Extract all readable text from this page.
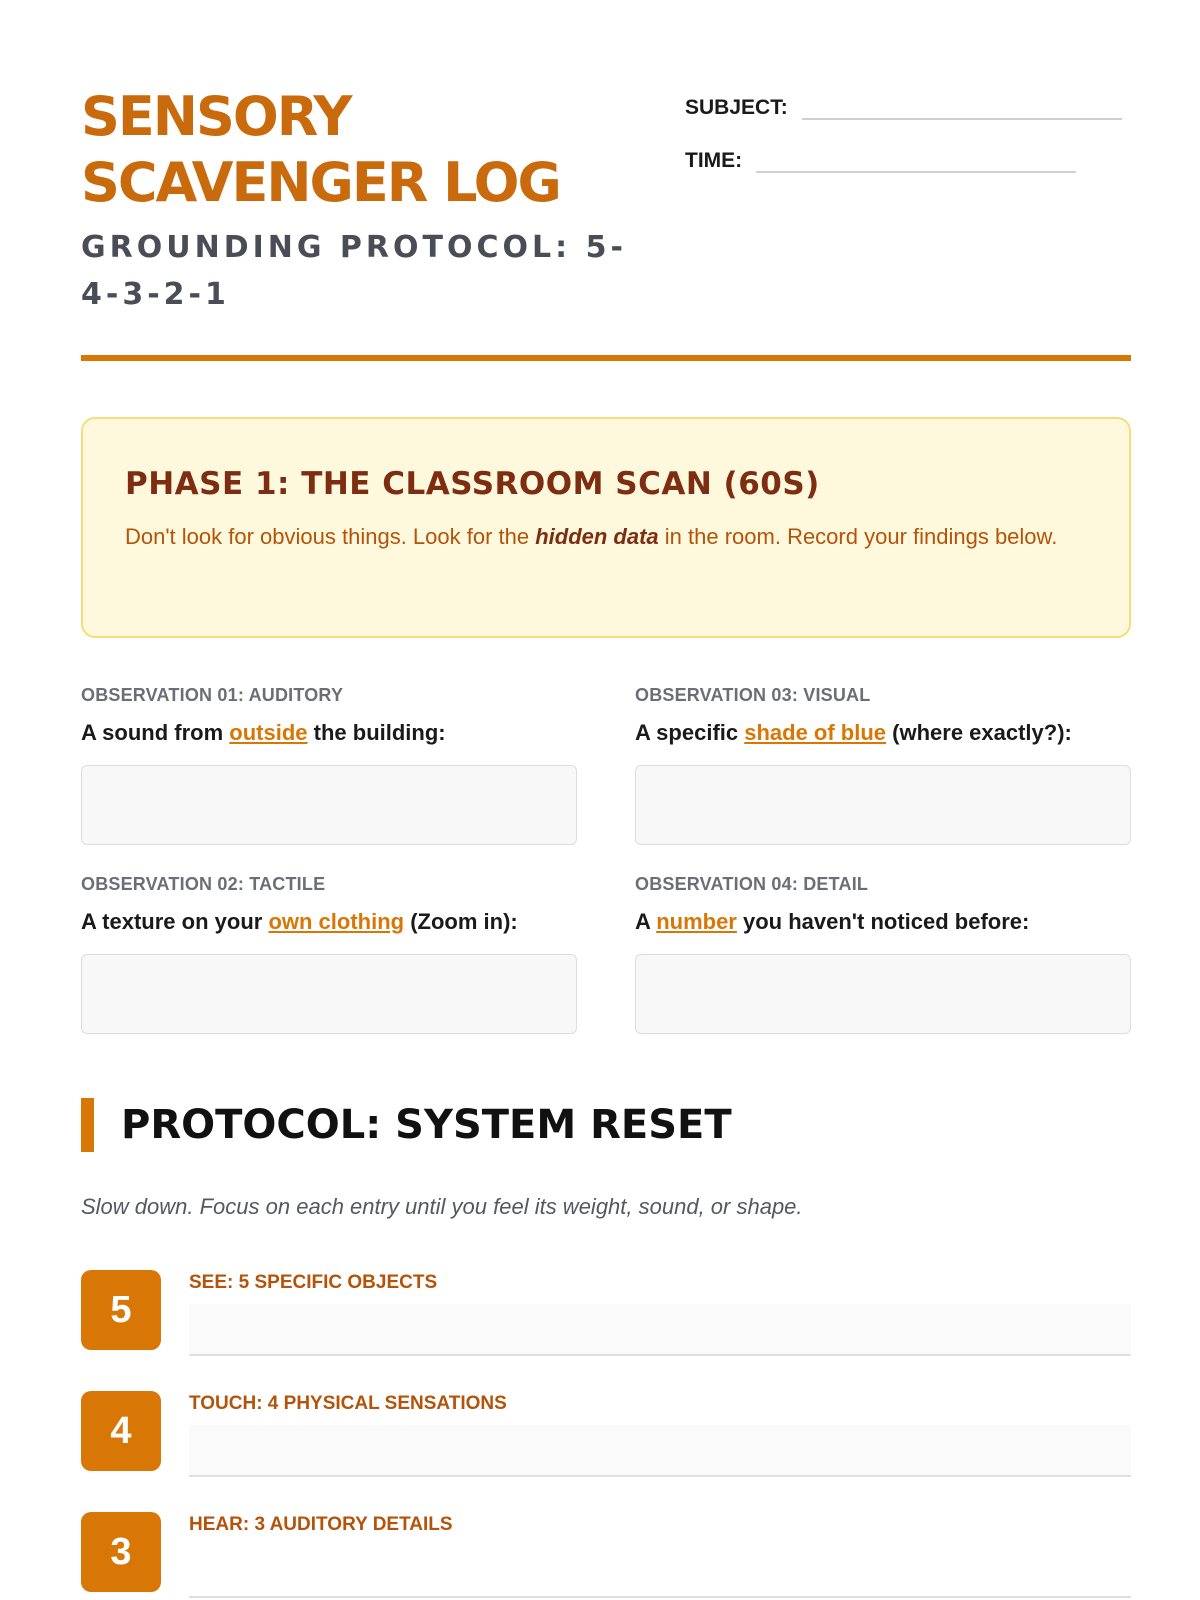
SENSORY
SCAVENGER LOG
GROUNDING PROTOCOL: 5-4-3-2-1
SUBJECT:
TIME:
PHASE 1: THE CLASSROOM SCAN (60S)
Don't look for obvious things. Look for the hidden data in the room. Record your findings below.
OBSERVATION 01: AUDITORY
A sound from outside the building:
OBSERVATION 03: VISUAL
A specific shade of blue (where exactly?):
OBSERVATION 02: TACTILE
A texture on your own clothing (Zoom in):
OBSERVATION 04: DETAIL
A number you haven't noticed before:
PROTOCOL: SYSTEM RESET
Slow down. Focus on each entry until you feel its weight, sound, or shape.
5
SEE: 5 SPECIFIC OBJECTS
4
TOUCH: 4 PHYSICAL SENSATIONS
3
HEAR: 3 AUDITORY DETAILS
